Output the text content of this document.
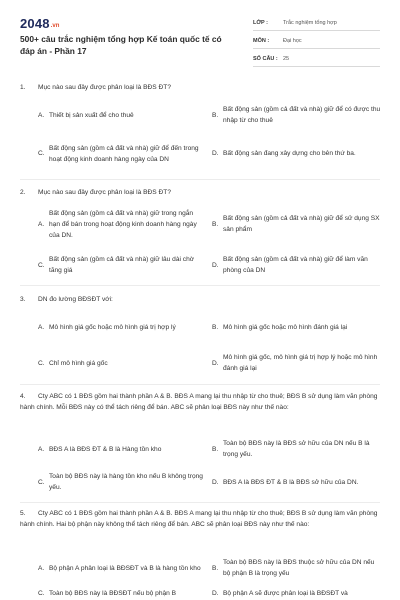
2048.vn
500+ câu trắc nghiệm tổng hợp Kế toán quốc tế có đáp án - Phần 17
LỚP :	Trắc nghiệm tổng hợp
MÔN :	Đại học
SỐ CÂU : 25
1. Mục nào sau đây được phân loại là BĐS ĐT?
A. Thiết bị sản xuất để cho thuê	B.
Bất động sản (gồm cả đất và nhà) giữ để có được thu nhập từ cho thuê
C.
Bất động sản (gồm cả đất và nhà) giữ để đến trong hoạt động kinh doanh hàng ngày của DN
D. Bất động sản đang xây dựng cho bên thứ ba.
2. Mục nào sau đây được phân loại là BĐS ĐT?
A.
Bất động sản (gồm cả đất và nhà) giữ trong ngắn hạn để bán trong hoạt động kinh doanh hàng ngày của DN.
B.
Bất động sản (gồm cả đất và nhà) giữ để sử dụng SX sản phẩm
C.
Bất động sản (gồm cả đất và nhà) giữ lâu dài chờ tăng giá
D.
Bất động sản (gồm cả đất và nhà) giữ để làm văn phòng của DN
3. DN đo lường BĐSĐT với:
A. Mô hình giá gốc hoặc mô hình giá trị hợp lý	B. Mô hình giá gốc hoặc mô hình đánh giá lại
C. Chỉ mô hình giá gốc	D.
Mô hình giá gốc, mô hình giá trị hợp lý hoặc mô hình đánh giá lại
4. Cty ABC có 1 BĐS gồm hai thành phần A & B. BĐS A mang lại thu nhập từ cho thuê; BĐS B sử dụng làm văn phòng hành chính. Mỗi BĐS này có thể tách riêng để bán. ABC sẽ phân loại BĐS này như thế nào:
A. BĐS A là BĐS ĐT & B là Hàng tồn kho	B.
Toàn bộ BĐS này là BĐS sở hữu của DN nếu B là trọng yếu.
C.
Toàn bộ BĐS này là hàng tồn kho nếu B không trọng yếu.
D. BĐS A là BĐS ĐT & B là BĐS sở hữu của DN.
5. Cty ABC có 1 BĐS gồm hai thành phần A & B. BĐS A mang lại thu nhập từ cho thuê; BĐS B sử dụng làm văn phòng hành chính. Hai bộ phận này không thể tách riêng để bán. ABC sẽ phân loại BĐS này như thế nào:
A. Bộ phận A phân loại là BĐSĐT và B là hàng tồn kho	B.
Toàn bộ BĐS này là BĐS thuộc sở hữu của DN nếu bộ phận B là trọng yếu
C. Toàn bộ BĐS này là BĐSĐT nếu bộ phận B	D. Bộ phận A sẽ được phân loại là BĐSĐT và
